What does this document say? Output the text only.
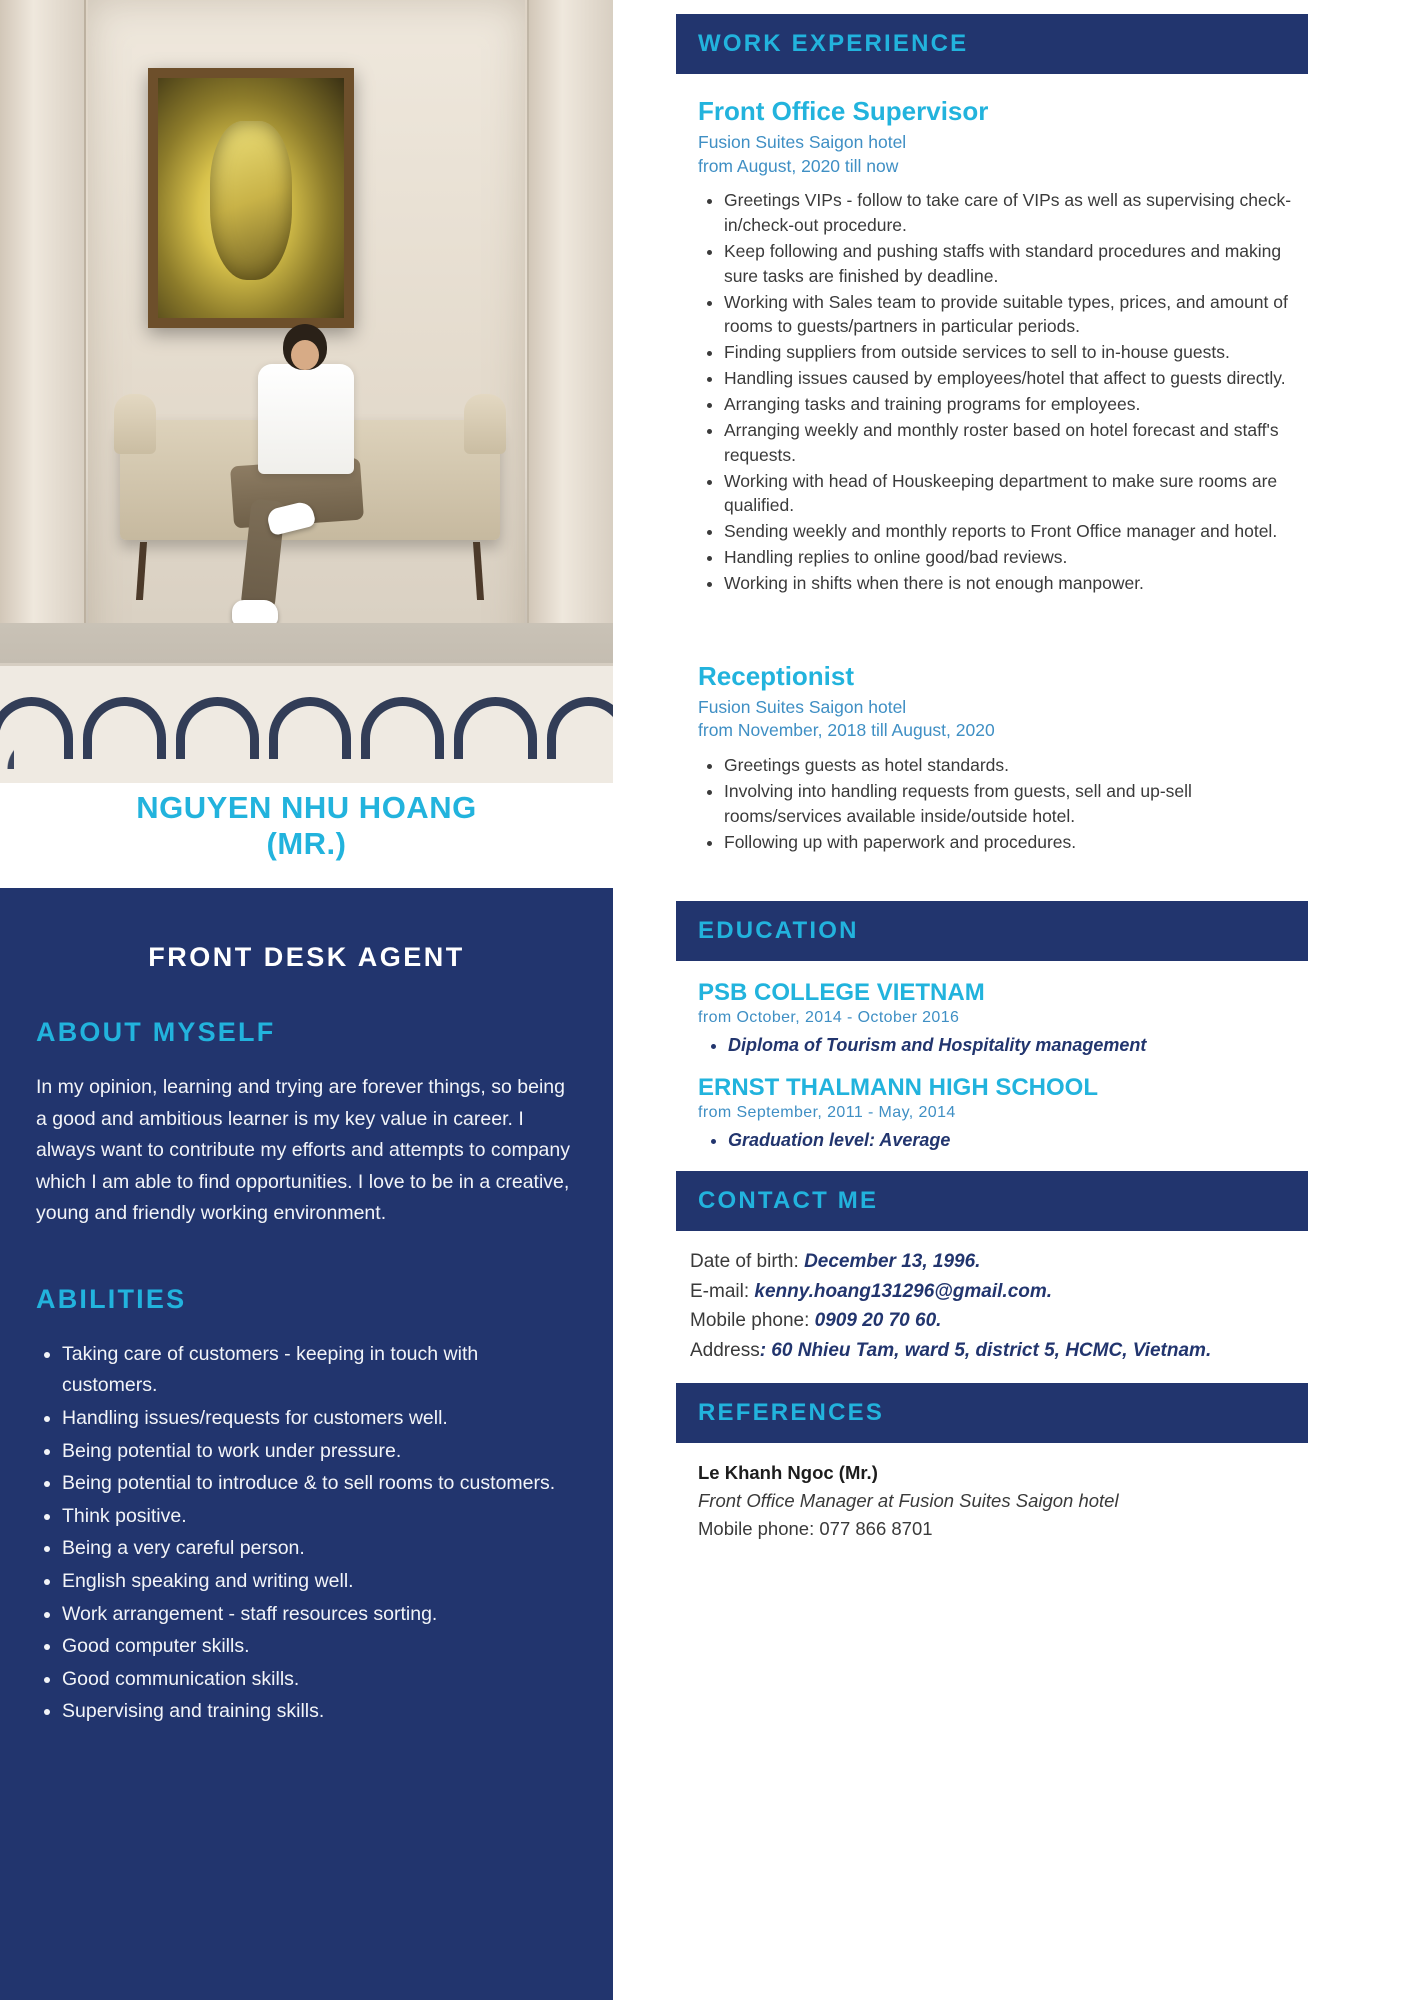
NGUYEN NHU HOANG
(MR.)
FRONT DESK AGENT
ABOUT MYSELF

In my opinion, learning and trying are forever things, so being a good and ambitious learner is my key value in career. I always want to contribute my efforts and attempts to company which I am able to find opportunities. I love to be in a creative, young and friendly working environment.

ABILITIES
• Taking care of customers - keeping in touch with customers.
• Handling issues/requests for customers well.
• Being potential to work under pressure.
• Being potential to introduce & to sell rooms to customers.
• Think positive.
• Being a very careful person.
• English speaking and writing well.
• Work arrangement - staff resources sorting.
• Good computer skills.
• Good communication skills.
• Supervising and training skills.
WORK EXPERIENCE
Front Office Supervisor
Fusion Suites Saigon hotel
from August, 2020 till now
• Greetings VIPs - follow to take care of VIPs as well as supervising check-in/check-out procedure.
• Keep following and pushing staffs with standard procedures and making sure tasks are finished by deadline.
• Working with Sales team to provide suitable types, prices, and amount of rooms to guests/partners in particular periods.
• Finding suppliers from outside services to sell to in-house guests.
• Handling issues caused by employees/hotel that affect to guests directly.
• Arranging tasks and training programs for employees.
• Arranging weekly and monthly roster based on hotel forecast and staff's requests.
• Working with head of Houskeeping department to make sure rooms are qualified.
• Sending weekly and monthly reports to Front Office manager and hotel.
• Handling replies to online good/bad reviews.
• Working in shifts when there is not enough manpower.
Receptionist
Fusion Suites Saigon hotel
from November, 2018 till August, 2020
• Greetings guests as hotel standards.
• Involving into handling requests from guests, sell and up-sell rooms/services available inside/outside hotel.
• Following up with paperwork and procedures.
EDUCATION
PSB COLLEGE VIETNAM
from October, 2014 - October 2016
• Diploma of Tourism and Hospitality management
ERNST THALMANN HIGH SCHOOL
from September, 2011 - May, 2014
• Graduation level: Average
CONTACT ME
Date of birth: December 13, 1996.
E-mail: kenny.hoang131296@gmail.com.
Mobile phone: 0909 20 70 60.
Address: 60 Nhieu Tam, ward 5, district 5, HCMC, Vietnam.
REFERENCES
Le Khanh Ngoc (Mr.)
Front Office Manager at Fusion Suites Saigon hotel
Mobile phone: 077 866 8701
